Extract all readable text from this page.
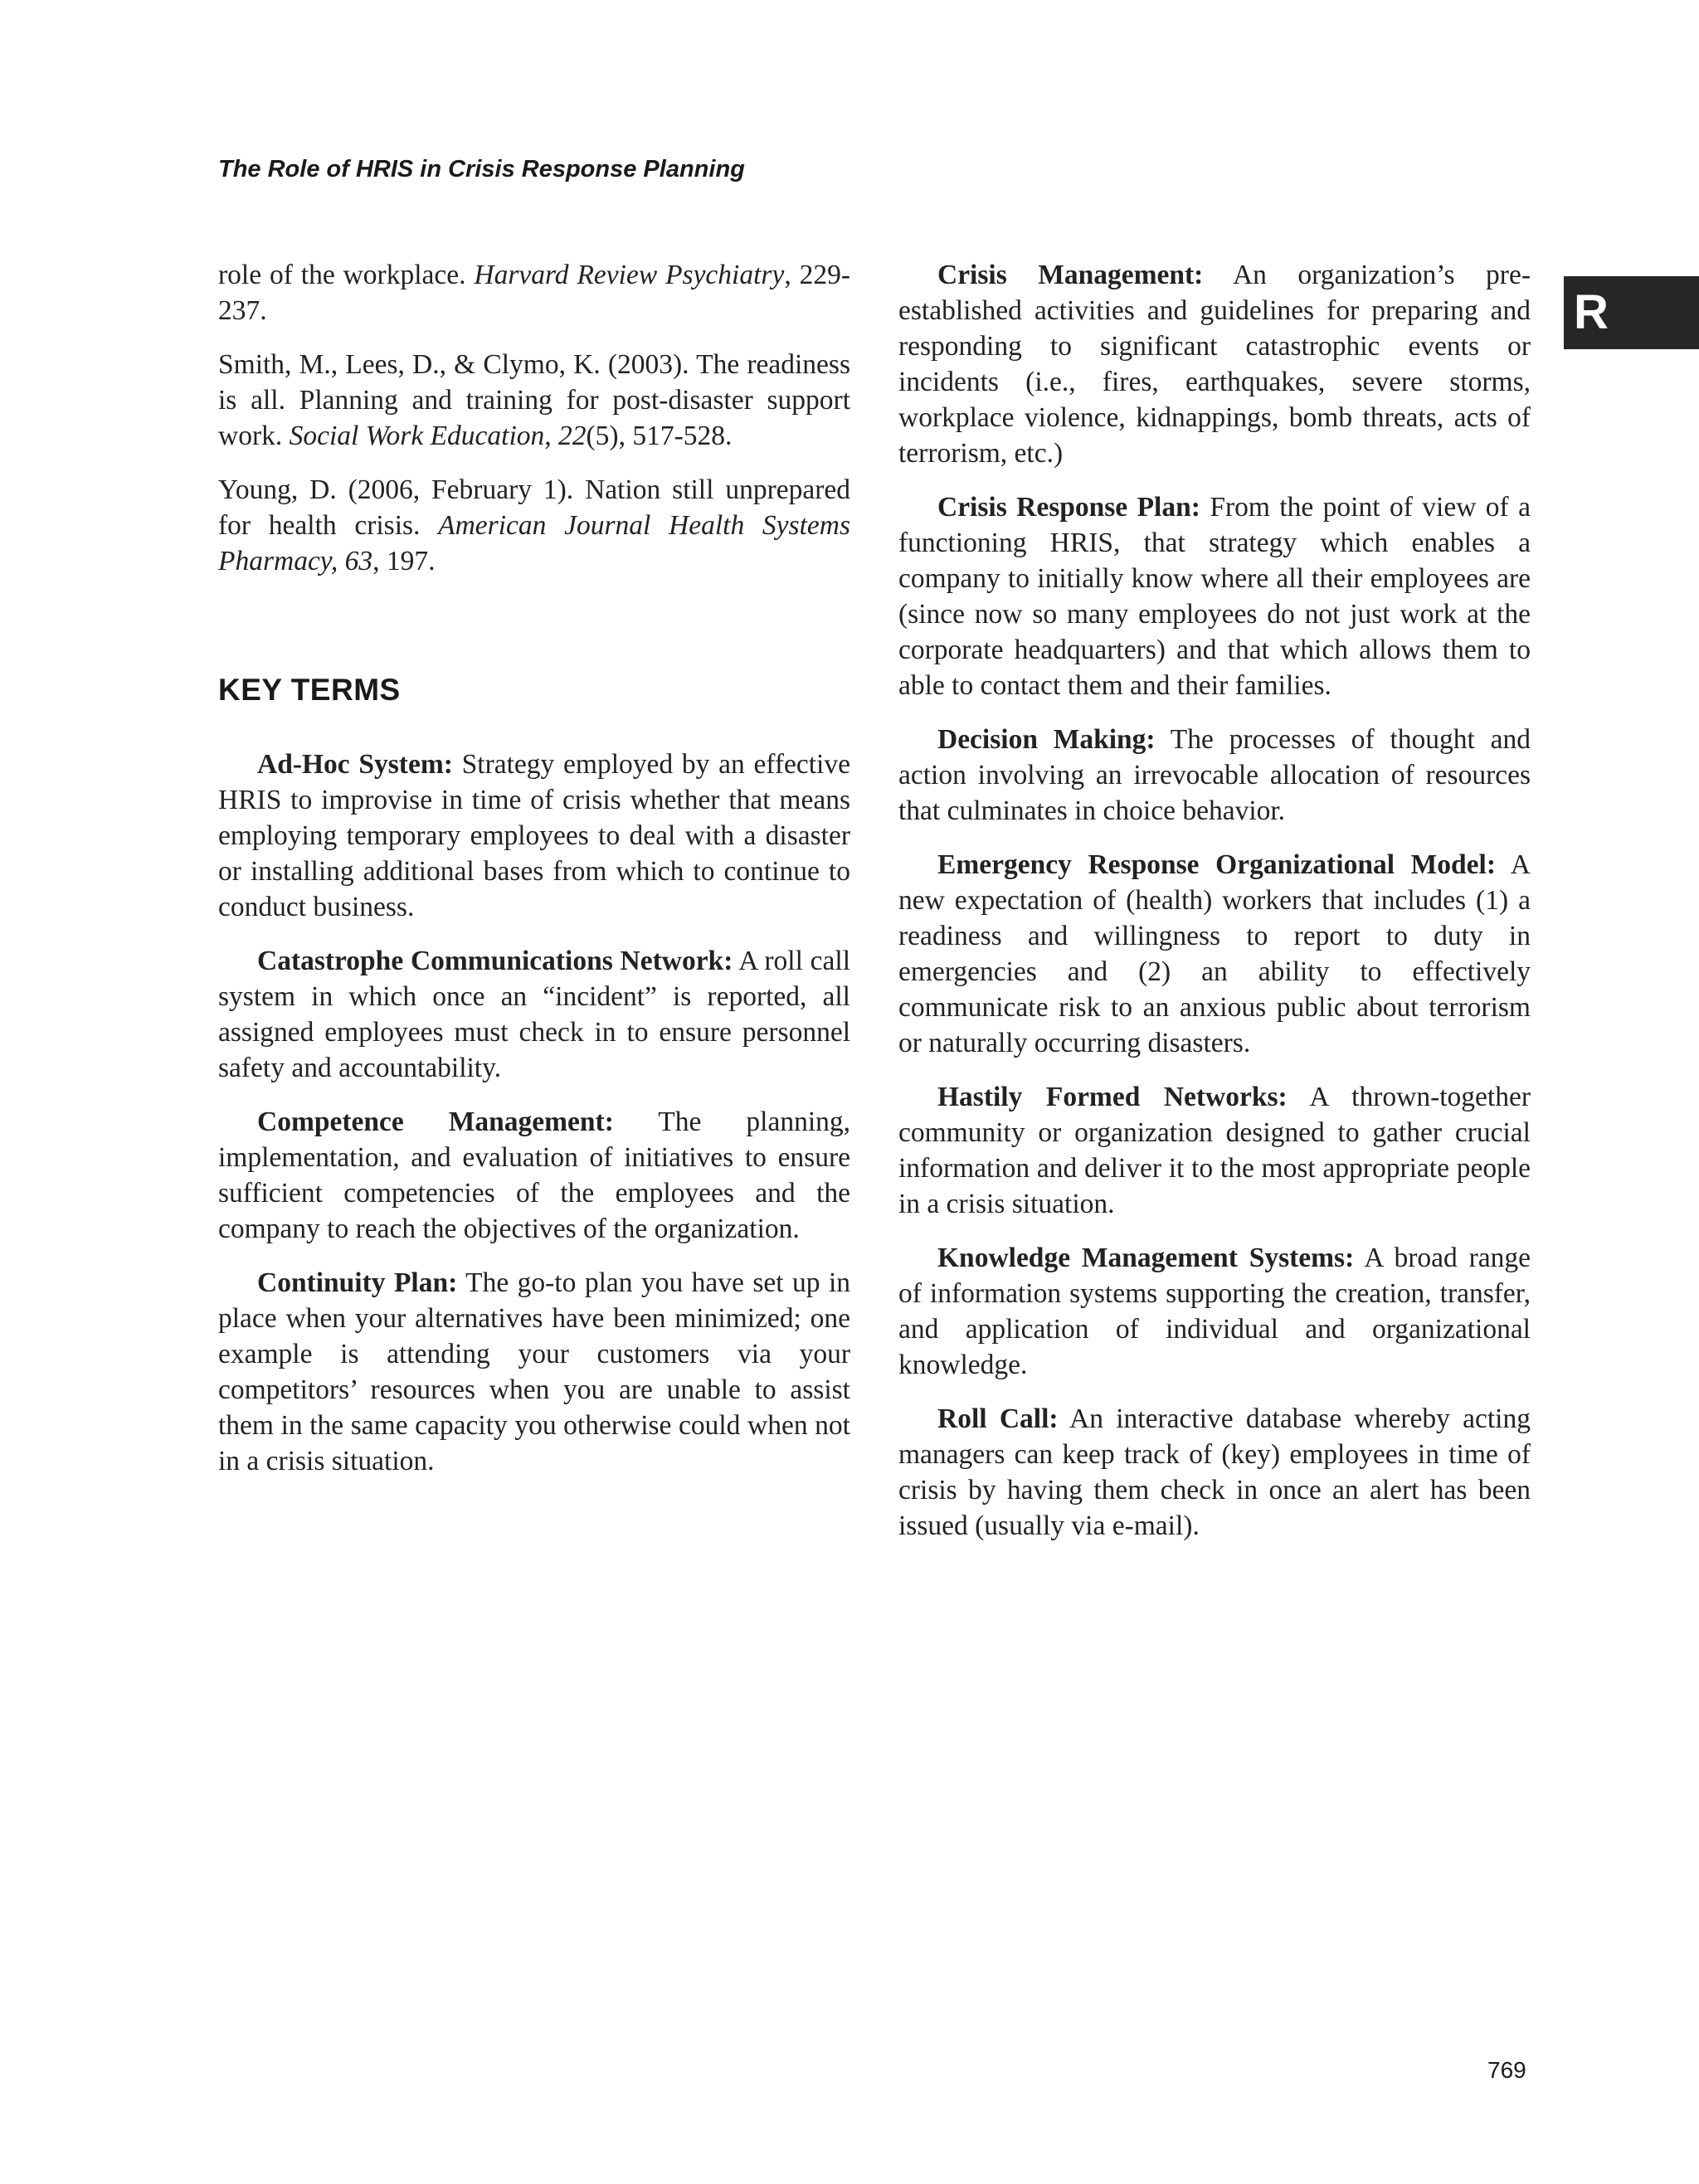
The Role of HRIS in Crisis Response Planning

R

role of the workplace. Harvard Review Psychiatry, 229-237.

Smith, M., Lees, D., & Clymo, K. (2003). The readiness is all. Planning and training for post-disaster support work. Social Work Education, 22(5), 517-528.

Young, D. (2006, February 1). Nation still unprepared for health crisis. American Journal Health Systems Pharmacy, 63, 197.

KEY TERMS

Ad-Hoc System: Strategy employed by an effective HRIS to improvise in time of crisis whether that means employing temporary employees to deal with a disaster or installing additional bases from which to continue to conduct business.

Catastrophe Communications Network: A roll call system in which once an “incident” is reported, all assigned employees must check in to ensure personnel safety and accountability.

Competence Management: The planning, implementation, and evaluation of initiatives to ensure sufficient competencies of the employees and the company to reach the objectives of the organization.

Continuity Plan: The go-to plan you have set up in place when your alternatives have been minimized; one example is attending your customers via your competitors’ resources when you are unable to assist them in the same capacity you otherwise could when not in a crisis situation.

Crisis Management: An organization’s pre-established activities and guidelines for preparing and responding to significant catastrophic events or incidents (i.e., fires, earthquakes, severe storms, workplace violence, kidnappings, bomb threats, acts of terrorism, etc.)

Crisis Response Plan: From the point of view of a functioning HRIS, that strategy which enables a company to initially know where all their employees are (since now so many employees do not just work at the corporate headquarters) and that which allows them to able to contact them and their families.

Decision Making: The processes of thought and action involving an irrevocable allocation of resources that culminates in choice behavior.

Emergency Response Organizational Model: A new expectation of (health) workers that includes (1) a readiness and willingness to report to duty in emergencies and (2) an ability to effectively communicate risk to an anxious public about terrorism or naturally occurring disasters.

Hastily Formed Networks: A thrown-together community or organization designed to gather crucial information and deliver it to the most appropriate people in a crisis situation.

Knowledge Management Systems: A broad range of information systems supporting the creation, transfer, and application of individual and organizational knowledge.

Roll Call: An interactive database whereby acting managers can keep track of (key) employees in time of crisis by having them check in once an alert has been issued (usually via e-mail).

769
